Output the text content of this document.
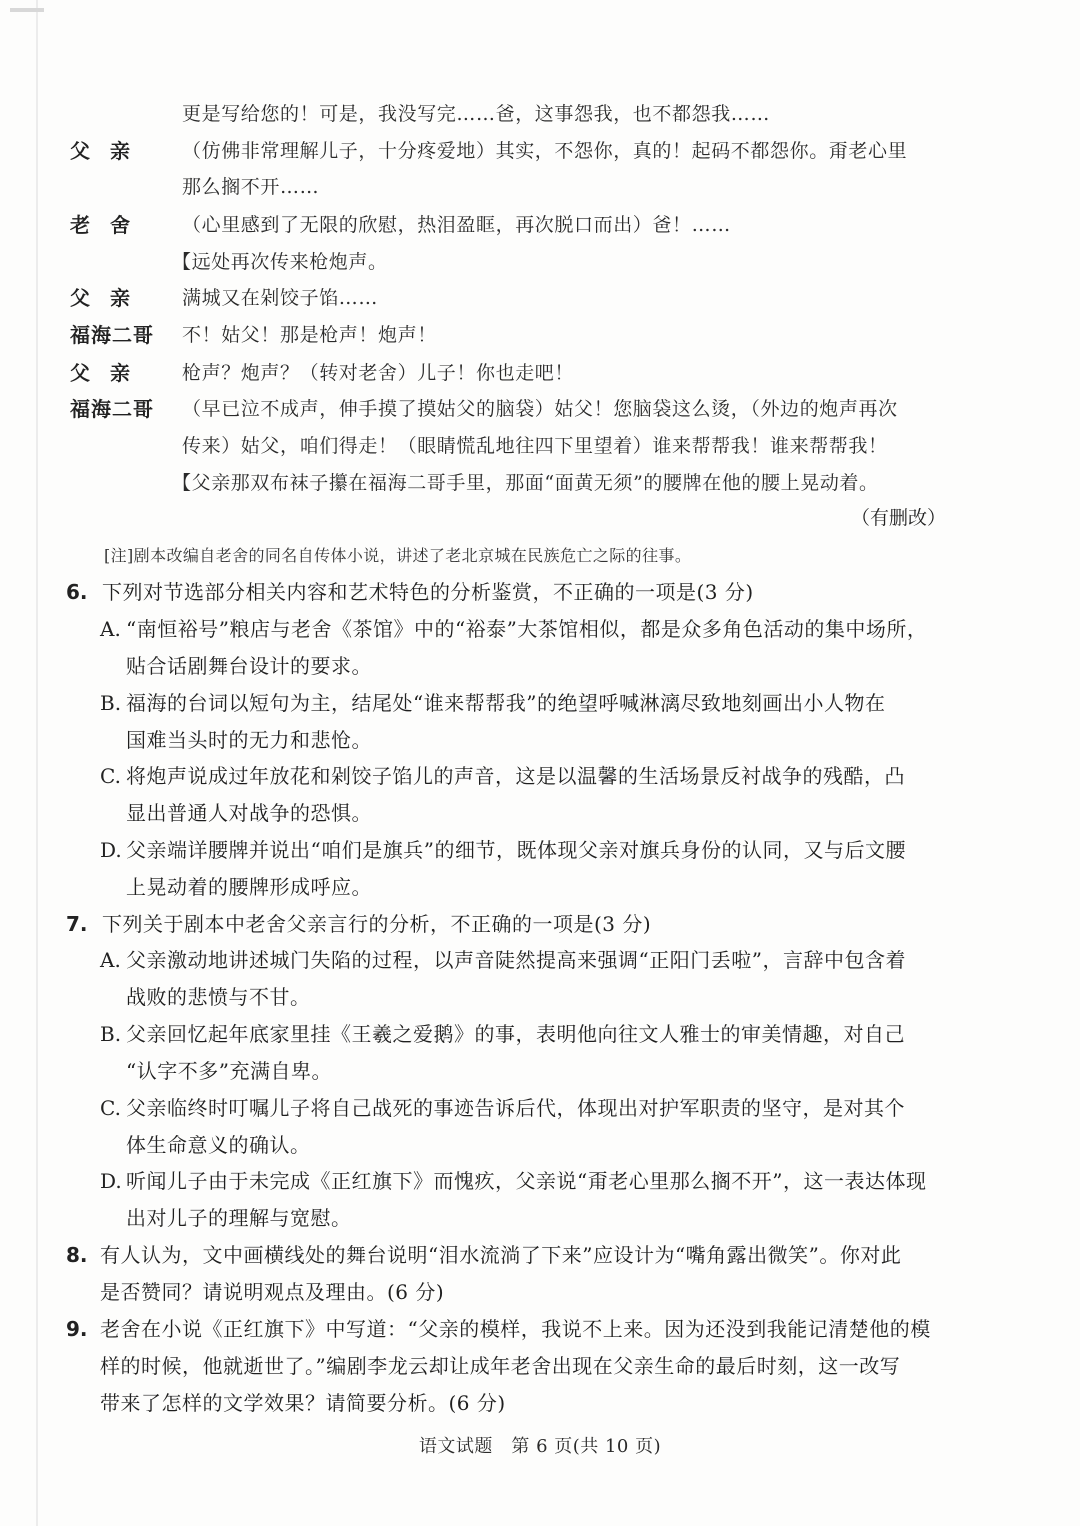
更是写给您的！可是，我没写完……爸，这事怨我，也不都怨我……
父　亲	（仿佛非常理解儿子，十分疼爱地）其实，不怨你，真的！起码不都怨你。甭老心里
那么搁不开……
老　舍	（心里感到了无限的欣慰，热泪盈眶，再次脱口而出）爸！……
【远处再次传来枪炮声。
父　亲	满城又在剁饺子馅……
福海二哥	不！姑父！那是枪声！炮声！
父　亲	枪声？炮声？（转对老舍）儿子！你也走吧！
福海二哥	（早已泣不成声，伸手摸了摸姑父的脑袋）姑父！您脑袋这么烫，（外边的炮声再次
传来）姑父，咱们得走！（眼睛慌乱地往四下里望着）谁来帮帮我！谁来帮帮我！
【父亲那双布袜子攥在福海二哥手里，那面“面黄无须”的腰牌在他的腰上晃动着。
（有删改）
[注]剧本改编自老舍的同名自传体小说，讲述了老北京城在民族危亡之际的往事。
6. 下列对节选部分相关内容和艺术特色的分析鉴赏，不正确的一项是(3 分)
A. “南恒裕号”粮店与老舍《茶馆》中的“裕泰”大茶馆相似，都是众多角色活动的集中场所，
贴合话剧舞台设计的要求。
B. 福海的台词以短句为主，结尾处“谁来帮帮我”的绝望呼喊淋漓尽致地刻画出小人物在
国难当头时的无力和悲怆。
C. 将炮声说成过年放花和剁饺子馅儿的声音，这是以温馨的生活场景反衬战争的残酷，凸
显出普通人对战争的恐惧。
D. 父亲端详腰牌并说出“咱们是旗兵”的细节，既体现父亲对旗兵身份的认同，又与后文腰
上晃动着的腰牌形成呼应。
7. 下列关于剧本中老舍父亲言行的分析，不正确的一项是(3 分)
A. 父亲激动地讲述城门失陷的过程，以声音陡然提高来强调“正阳门丢啦”，言辞中包含着
战败的悲愤与不甘。
B. 父亲回忆起年底家里挂《王羲之爱鹅》的事，表明他向往文人雅士的审美情趣，对自己
“认字不多”充满自卑。
C. 父亲临终时叮嘱儿子将自己战死的事迹告诉后代，体现出对护军职责的坚守，是对其个
体生命意义的确认。
D. 听闻儿子由于未完成《正红旗下》而愧疚，父亲说“甭老心里那么搁不开”，这一表达体现
出对儿子的理解与宽慰。
8. 有人认为，文中画横线处的舞台说明“泪水流淌了下来”应设计为“嘴角露出微笑”。你对此
是否赞同？请说明观点及理由。(6 分)
9. 老舍在小说《正红旗下》中写道：“父亲的模样，我说不上来。因为还没到我能记清楚他的模
样的时候，他就逝世了。”编剧李龙云却让成年老舍出现在父亲生命的最后时刻，这一改写
带来了怎样的文学效果？请简要分析。(6 分)
语文试题　第 6 页(共 10 页)
